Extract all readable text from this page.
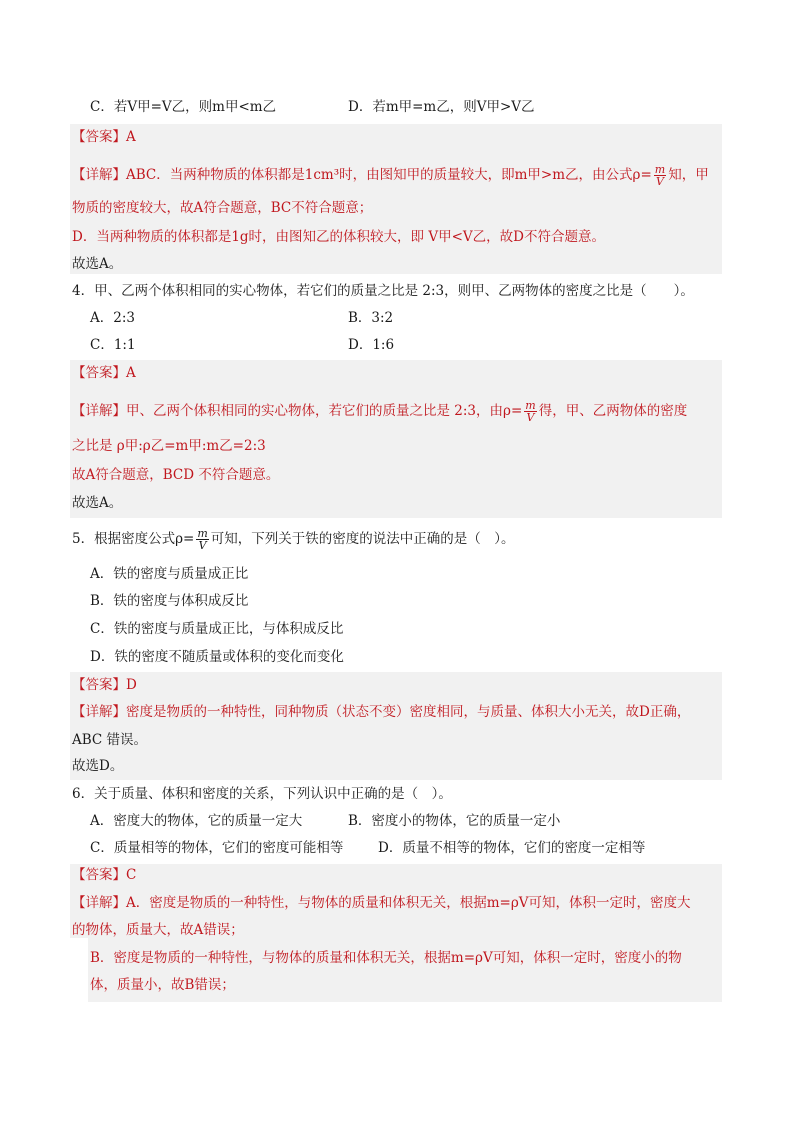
C．若V甲=V乙，则m甲<m乙	D．若m甲=m乙，则V甲>V乙
【答案】A
【详解】ABC．当两种物质的体积都是1cm³时，由图知甲的质量较大，即m甲>m乙，由公式$\rho= \frac{m}{V}$ 知，甲
物质的密度较大，故A符合题意，BC不符合题意；
D．当两种物质的体积都是1g时，由图知乙的体积较大，即 V甲<V乙，故D不符合题意。
故选A。
4．甲、乙两个体积相同的实心物体，若它们的质量之比是 2:3，则甲、乙两物体的密度之比是（　　）。
A．2:3	B．3:2
C．1:1	D．1:6
【答案】A
【详解】甲、乙两个体积相同的实心物体，若它们的质量之比是 2:3，由$\rho= \frac{m}{V}$ 得，甲、乙两物体的密度
之比是 ρ甲:ρ乙=m甲:m乙=2:3
故A符合题意，BCD 不符合题意。
故选A。
5．根据密度公式$\rho= \frac{m}{V}$ 可知，下列关于铁的密度的说法中正确的是（　）。
A．铁的密度与质量成正比
B．铁的密度与体积成反比
C．铁的密度与质量成正比，与体积成反比
D．铁的密度不随质量或体积的变化而变化
【答案】D
【详解】密度是物质的一种特性，同种物质（状态不变）密度相同，与质量、体积大小无关，故D正确，
ABC 错误。
故选D。
6．关于质量、体积和密度的关系，下列认识中正确的是（　）。
A．密度大的物体，它的质量一定大	B．密度小的物体，它的质量一定小
C．质量相等的物体，它们的密度可能相等	D．质量不相等的物体，它们的密度一定相等
【答案】C
【详解】A．密度是物质的一种特性，与物体的质量和体积无关，根据m=ρV可知，体积一定时，密度大
的物体，质量大，故A错误；
B．密度是物质的一种特性，与物体的质量和体积无关，根据m=ρV可知，体积一定时，密度小的物
体，质量小，故B错误；
